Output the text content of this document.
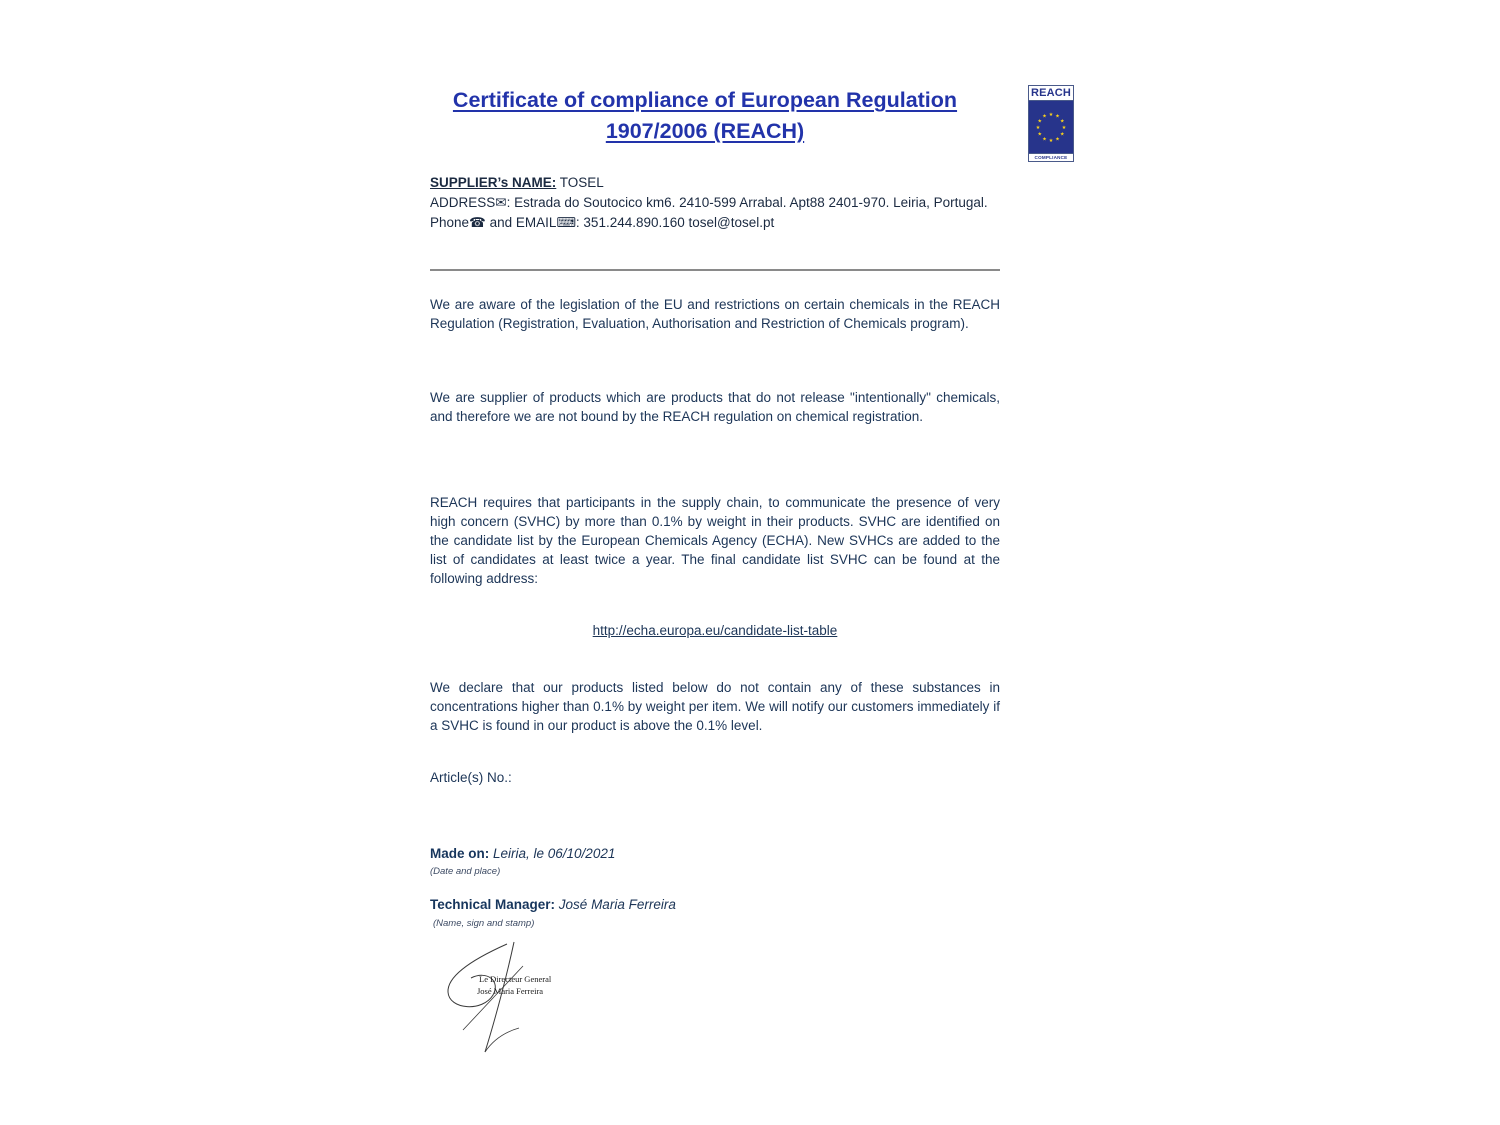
Certificate of compliance of European Regulation
1907/2006 (REACH)
REACH
★ ★
★
★
★
★
★
★
★
★
★
★
COMPLIANCE
SUPPLIER’s NAME: TOSEL
ADDRESS✉: Estrada do Soutocico km6. 2410-599 Arrabal. Apt88 2401-970. Leiria, Portugal.
Phone☎ and EMAIL⌨: 351.244.890.160 tosel@tosel.pt
We are aware of the legislation of the EU and restrictions on certain chemicals in the REACH Regulation (Registration, Evaluation, Authorisation and Restriction of Chemicals program).
We are supplier of products which are products that do not release "intentionally" chemicals, and therefore we are not bound by the REACH regulation on chemical registration.
REACH requires that participants in the supply chain, to communicate the presence of very high concern (SVHC) by more than 0.1% by weight in their products. SVHC are identified on the candidate list by the European Chemicals Agency (ECHA). New SVHCs are added to the list of candidates at least twice a year. The final candidate list SVHC can be found at the following address:
http://echa.europa.eu/candidate-list-table
We declare that our products listed below do not contain any of these substances in concentrations higher than 0.1% by weight per item. We will notify our customers immediately if a SVHC is found in our product is above the 0.1% level.
Article(s) No.:
Made on: Leiria, le 06/10/2021
(Date and place)
Technical Manager: José Maria Ferreira
(Name, sign and stamp)
Le Directeur General
José Maria Ferreira
